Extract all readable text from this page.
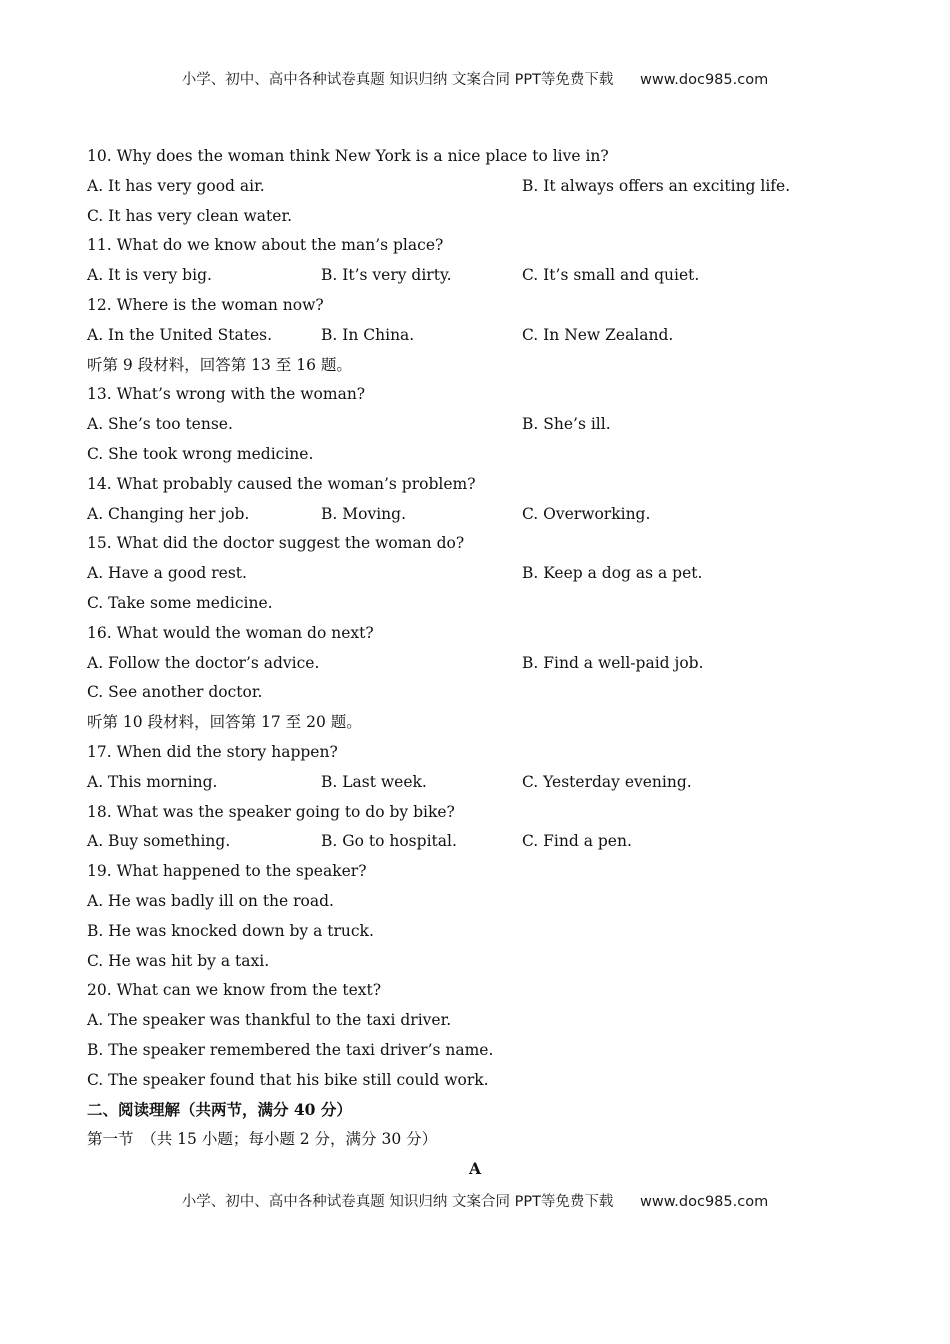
小学、初中、高中各种试卷真题 知识归纳 文案合同 PPT等免费下载 www.doc985.com
10. Why does the woman think New York is a nice place to live in?
A. It has very good air.	B. It always offers an exciting life.
C. It has very clean water.
11. What do we know about the man’s place?
A. It is very big.	B. It’s very dirty.	C. It’s small and quiet.
12. Where is the woman now?
A. In the United States.	B. In China.	C. In New Zealand.
听第 9 段材料，回答第 13 至 16 题。
13. What’s wrong with the woman?
A. She’s too tense.	B. She’s ill.
C. She took wrong medicine.
14. What probably caused the woman’s problem?
A. Changing her job.	B. Moving.	C. Overworking.
15. What did the doctor suggest the woman do?
A. Have a good rest.	B. Keep a dog as a pet.
C. Take some medicine.
16. What would the woman do next?
A. Follow the doctor’s advice.	B. Find a well-paid job.
C. See another doctor.
听第 10 段材料，回答第 17 至 20 题。
17. When did the story happen?
A. This morning.	B. Last week.	C. Yesterday evening.
18. What was the speaker going to do by bike?
A. Buy something.	B. Go to hospital.	C. Find a pen.
19. What happened to the speaker?
A. He was badly ill on the road.
B. He was knocked down by a truck.
C. He was hit by a taxi.
20. What can we know from the text?
A. The speaker was thankful to the taxi driver.
B. The speaker remembered the taxi driver’s name.
C. The speaker found that his bike still could work.
二、阅读理解（共两节，满分 40 分）
第一节　（共 15 小题；每小题 2 分，满分 30 分）
A
小学、初中、高中各种试卷真题 知识归纳 文案合同 PPT等免费下载 www.doc985.com
